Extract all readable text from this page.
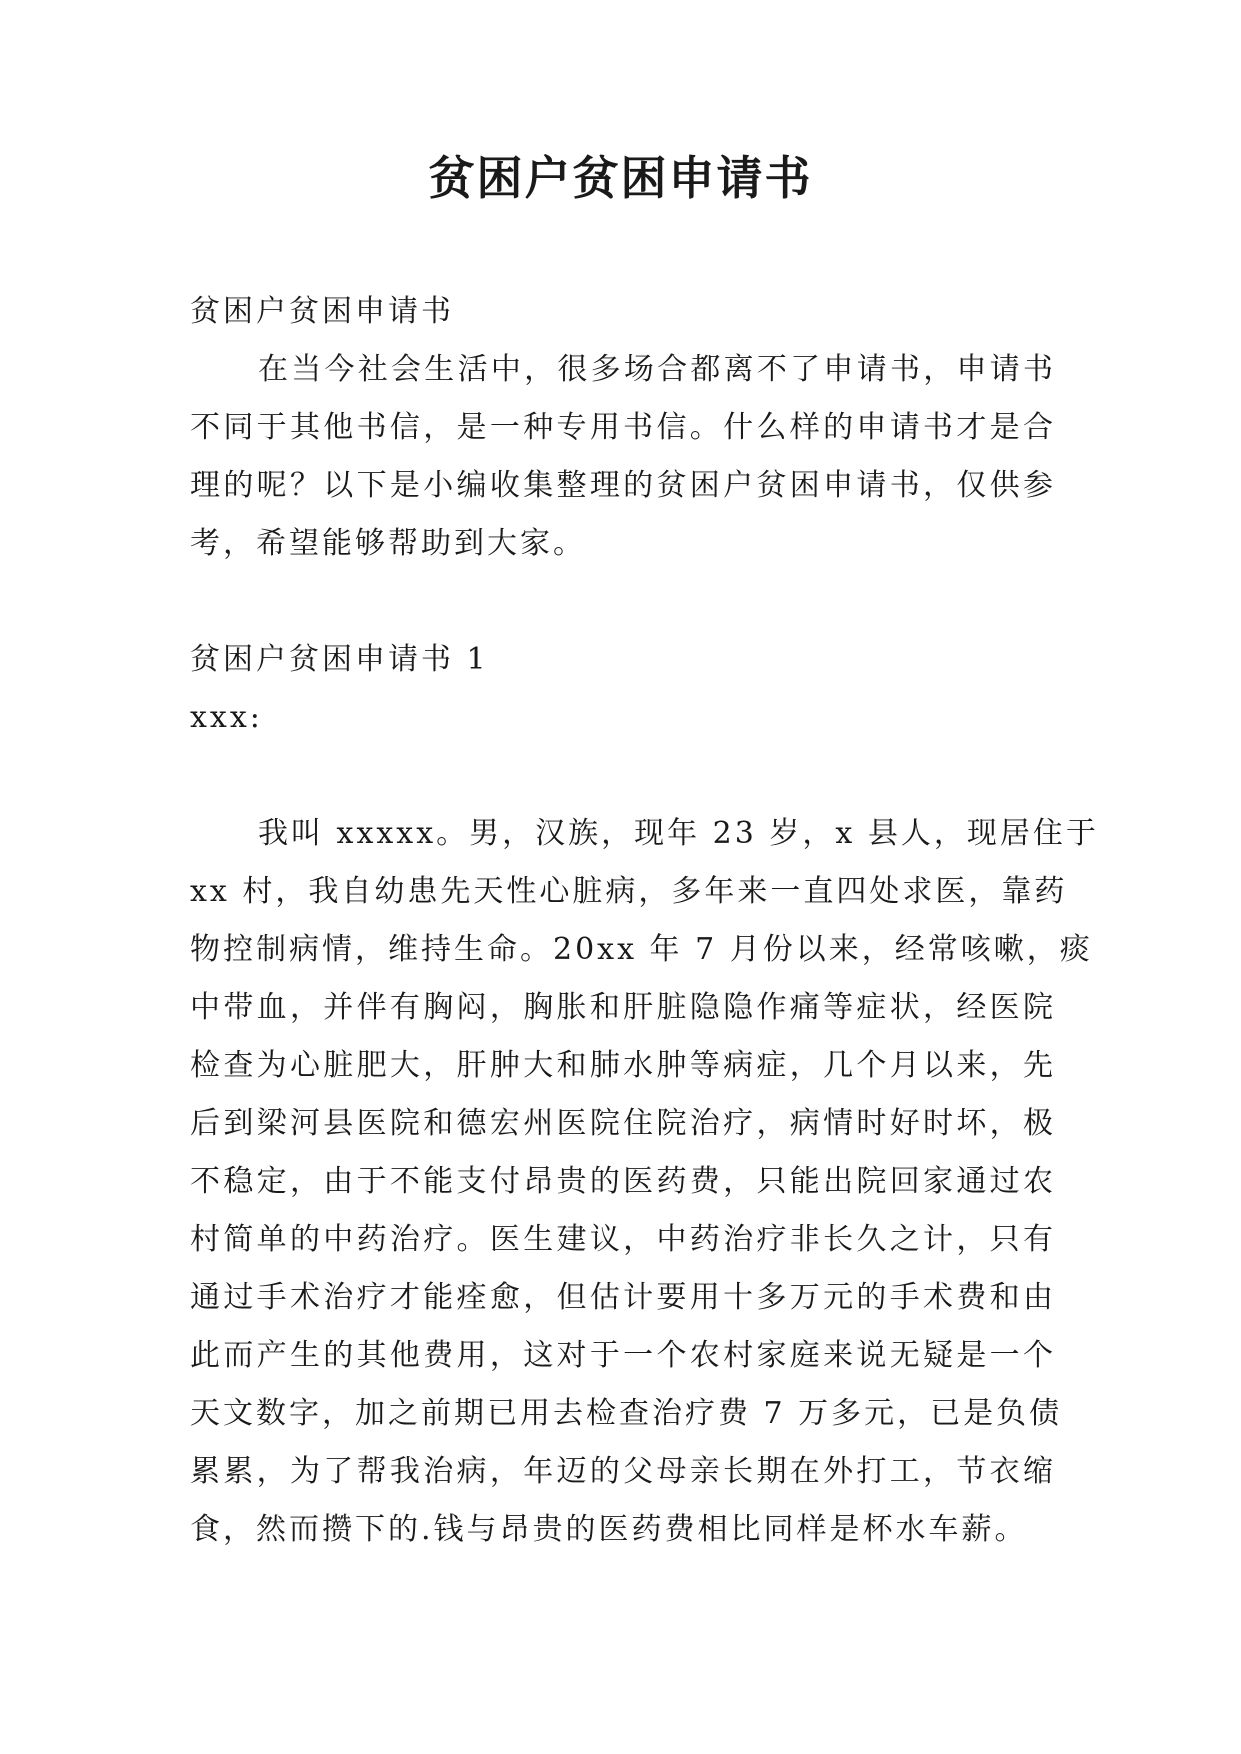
贫困户贫困申请书

贫困户贫困申请书

在当今社会生活中，很多场合都离不了申请书，申请书

不同于其他书信，是一种专用书信。什么样的申请书才是合

理的呢？以下是小编收集整理的贫困户贫困申请书，仅供参

考，希望能够帮助到大家。

贫困户贫困申请书 1

xxx:

我叫 xxxxx。男，汉族，现年 23 岁，x 县人，现居住于

xx 村，我自幼患先天性心脏病，多年来一直四处求医，靠药

物控制病情，维持生命。20xx 年 7 月份以来，经常咳嗽，痰

中带血，并伴有胸闷，胸胀和肝脏隐隐作痛等症状，经医院

检查为心脏肥大，肝肿大和肺水肿等病症，几个月以来，先

后到梁河县医院和德宏州医院住院治疗，病情时好时坏，极

不稳定，由于不能支付昂贵的医药费，只能出院回家通过农

村简单的中药治疗。医生建议，中药治疗非长久之计，只有

通过手术治疗才能痊愈，但估计要用十多万元的手术费和由

此而产生的其他费用，这对于一个农村家庭来说无疑是一个

天文数字，加之前期已用去检查治疗费 7 万多元，已是负债

累累，为了帮我治病，年迈的父母亲长期在外打工，节衣缩

食，然而攒下的.钱与昂贵的医药费相比同样是杯水车薪。
